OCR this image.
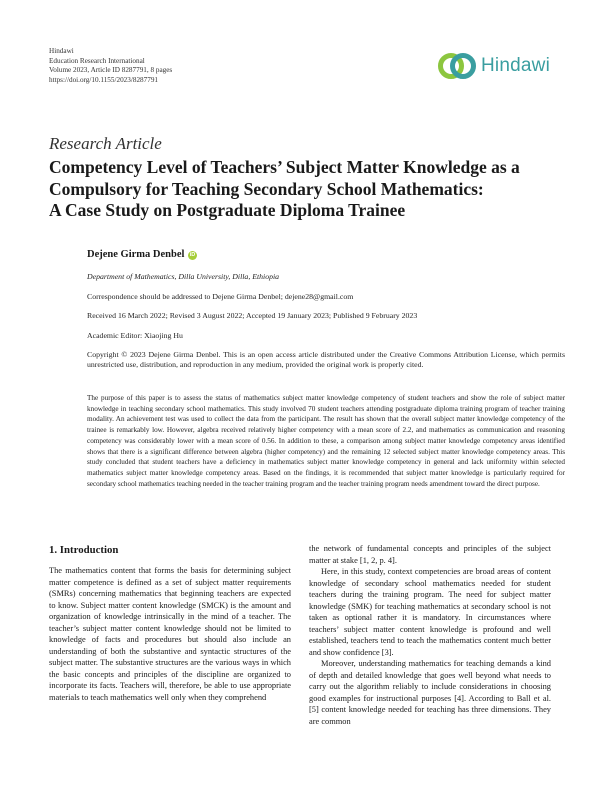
Hindawi
Education Research International
Volume 2023, Article ID 8287791, 8 pages
https://doi.org/10.1155/2023/8287791
Hindawi
Research Article
Competency Level of Teachers’ Subject Matter Knowledge as a
Compulsory for Teaching Secondary School Mathematics:
A Case Study on Postgraduate Diploma Trainee
Dejene Girma Denbel iD
Department of Mathematics, Dilla University, Dilla, Ethiopia
Correspondence should be addressed to Dejene Girma Denbel; dejene28@gmail.com
Received 16 March 2022; Revised 3 August 2022; Accepted 19 January 2023; Published 9 February 2023
Academic Editor: Xiaojing Hu

Copyright © 2023 Dejene Girma Denbel. This is an open access article distributed under the Creative Commons Attribution License, which permits unrestricted use, distribution, and reproduction in any medium, provided the original work is properly cited.

The purpose of this paper is to assess the status of mathematics subject matter knowledge competency of student teachers and show the role of subject matter knowledge in teaching secondary school mathematics. This study involved 70 student teachers attending postgraduate diploma training program of teacher training modality. An achievement test was used to collect the data from the participant. The result has shown that the overall subject matter knowledge competency of the trainee is remarkably low. However, algebra received relatively higher competency with a mean score of 2.2, and mathematics as communication and reasoning competency was considerably lower with a mean score of 0.56. In addition to these, a comparison among subject matter knowledge competency areas identified shows that there is a significant difference between algebra (higher competency) and the remaining 12 selected subject matter knowledge competency areas. This study concluded that student teachers have a deficiency in mathematics subject matter knowledge competency in general and lack uniformity within selected mathematics subject matter knowledge competency areas. Based on the findings, it is recommended that subject matter knowledge is particularly required for secondary school mathematics teaching needed in the teacher training program and the teacher training program needs amendment toward the direct purpose.

1. Introduction

The mathematics content that forms the basis for determining subject matter competence is defined as a set of subject matter requirements (SMRs) concerning mathematics that beginning teachers are expected to know. Subject matter content knowledge (SMCK) is the amount and organization of knowledge intrinsically in the mind of a teacher. The teacher’s subject matter content knowledge should not be limited to knowledge of facts and procedures but should also include an understanding of both the substantive and syntactic structures of the subject matter. The substantive structures are the various ways in which the basic concepts and principles of the discipline are organized to incorporate its facts. Teachers will, therefore, be able to use appropriate materials to teach mathematics well only when they comprehend

the network of fundamental concepts and principles of the subject matter at stake [1, 2, p. 4].

Here, in this study, context competencies are broad areas of content knowledge of secondary school mathematics needed for student teachers during the training program. The need for subject matter knowledge (SMK) for teaching mathematics at secondary school is not taken as optional rather it is mandatory. In circumstances where teachers’ subject matter content knowledge is profound and well established, teachers tend to teach the mathematics content much better and show confidence [3].

Moreover, understanding mathematics for teaching demands a kind of depth and detailed knowledge that goes well beyond what needs to carry out the algorithm reliably to include considerations in choosing good examples for instructional purposes [4]. According to Ball et al. [5] content knowledge needed for teaching has three dimensions. They are common
